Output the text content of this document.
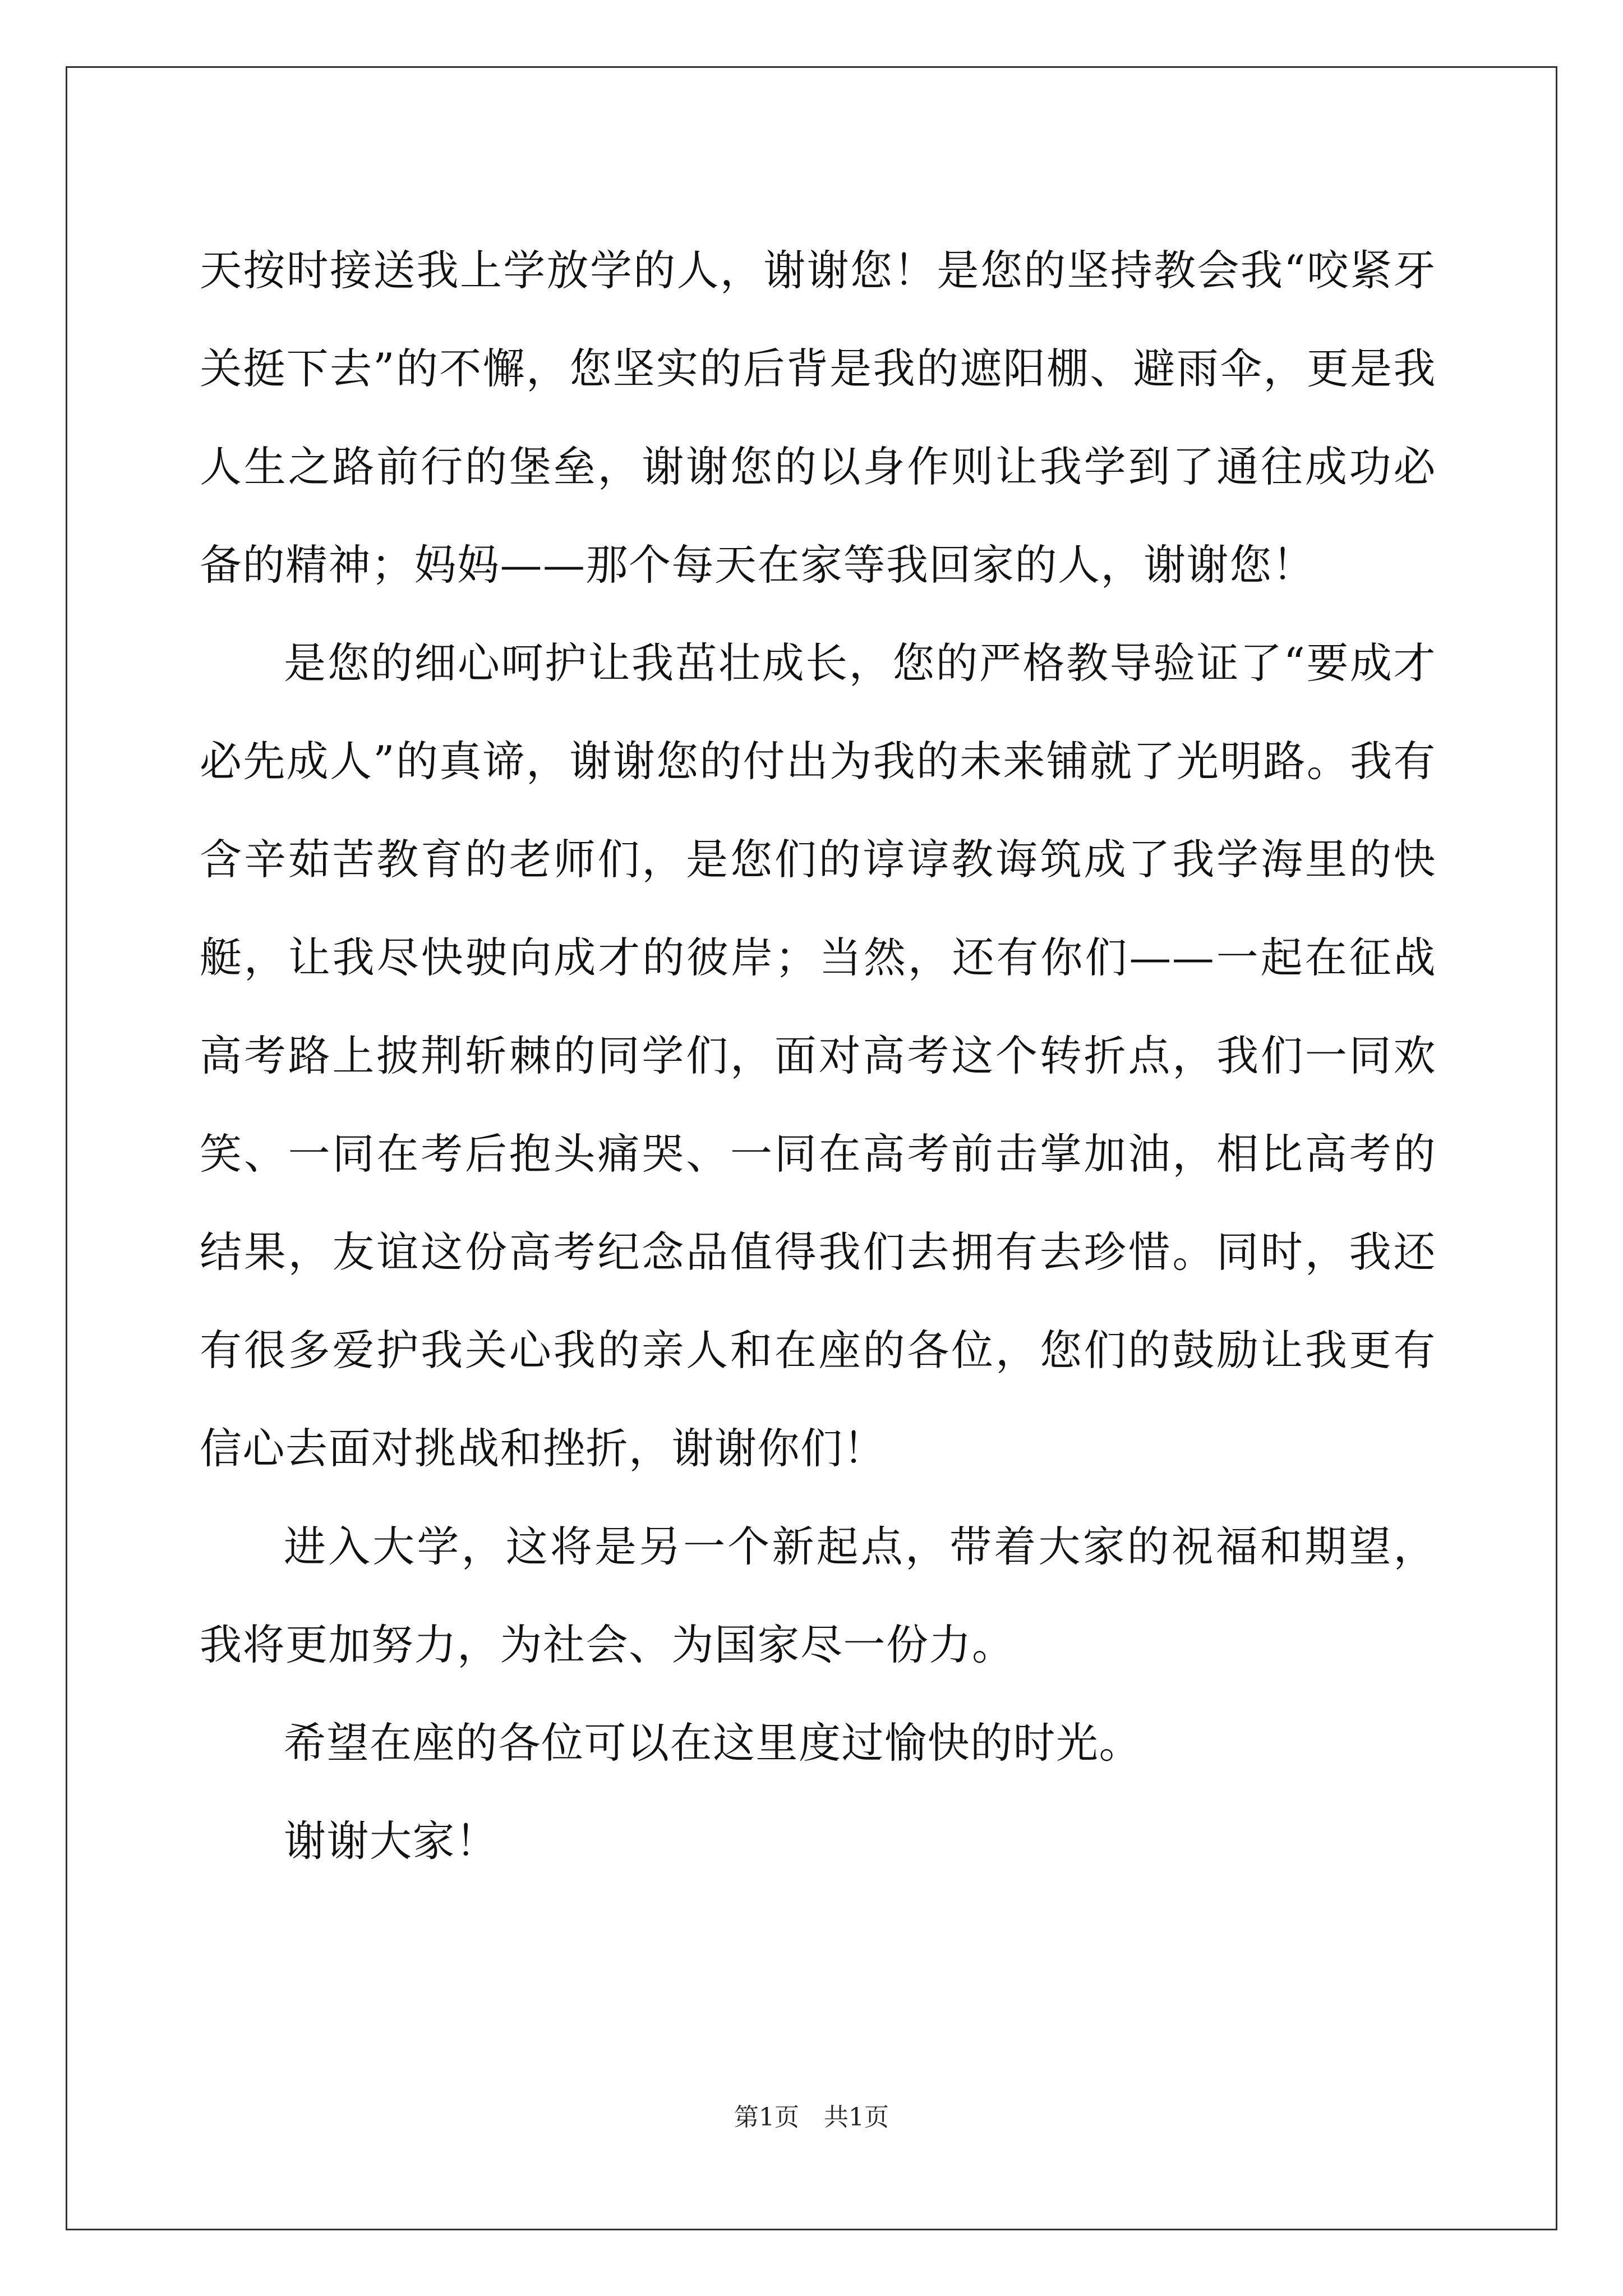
天按时接送我上学放学的人，谢谢您！是您的坚持教会我“咬紧牙关挺下去”的不懈，您坚实的后背是我的遮阳棚、避雨伞，更是我人生之路前行的堡垒，谢谢您的以身作则让我学到了通往成功必备的精神；妈妈——那个每天在家等我回家的人，谢谢您！

是您的细心呵护让我茁壮成长，您的严格教导验证了“要成才必先成人”的真谛，谢谢您的付出为我的未来铺就了光明路。我有含辛茹苦教育的老师们，是您们的谆谆教诲筑成了我学海里的快艇，让我尽快驶向成才的彼岸；当然，还有你们——一起在征战高考路上披荆斩棘的同学们，面对高考这个转折点，我们一同欢笑、一同在考后抱头痛哭、一同在高考前击掌加油，相比高考的结果，友谊这份高考纪念品值得我们去拥有去珍惜。同时，我还有很多爱护我关心我的亲人和在座的各位，您们的鼓励让我更有信心去面对挑战和挫折，谢谢你们！

进入大学，这将是另一个新起点，带着大家的祝福和期望，我将更加努力，为社会、为国家尽一份力。

希望在座的各位可以在这里度过愉快的时光。

谢谢大家！

第1页　共1页
